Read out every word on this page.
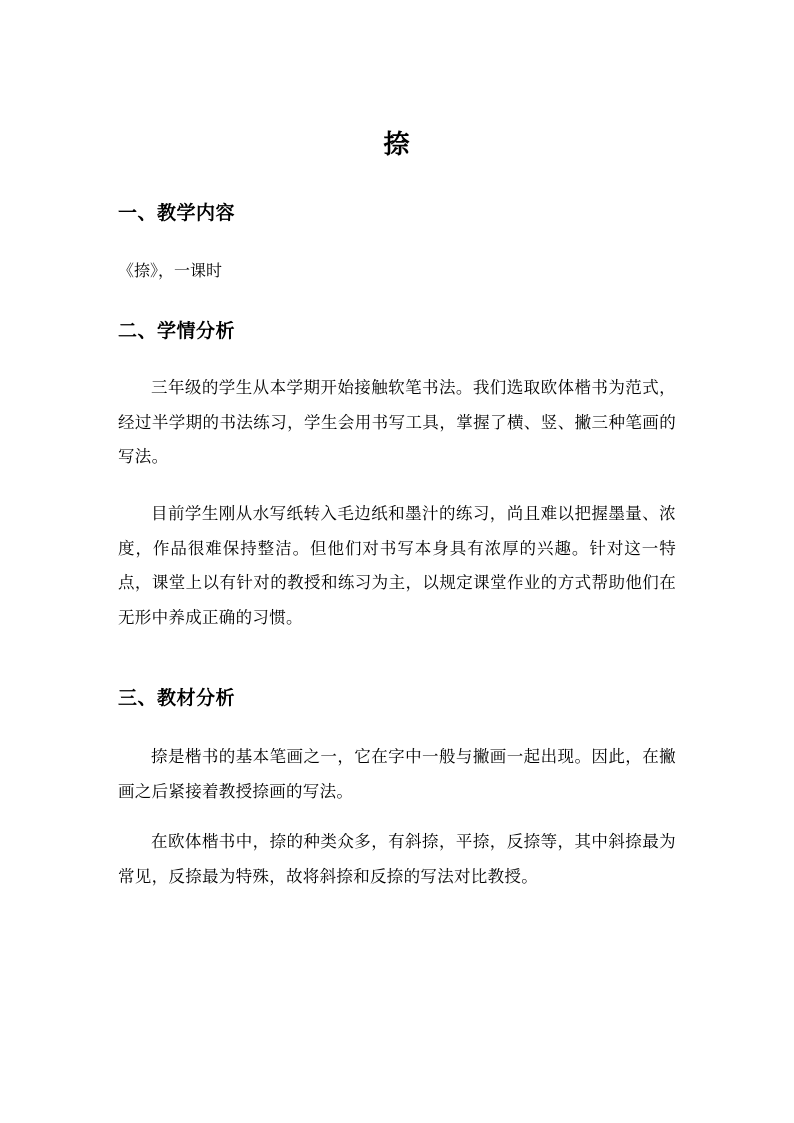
捺
一、教学内容
《捺》，一课时
二、学情分析
三年级的学生从本学期开始接触软笔书法。我们选取欧体楷书为范式，经过半学期的书法练习，学生会用书写工具，掌握了横、竖、撇三种笔画的写法。
目前学生刚从水写纸转入毛边纸和墨汁的练习，尚且难以把握墨量、浓度，作品很难保持整洁。但他们对书写本身具有浓厚的兴趣。针对这一特点，课堂上以有针对的教授和练习为主，以规定课堂作业的方式帮助他们在无形中养成正确的习惯。
三、教材分析
捺是楷书的基本笔画之一，它在字中一般与撇画一起出现。因此，在撇画之后紧接着教授捺画的写法。
在欧体楷书中，捺的种类众多，有斜捺，平捺，反捺等，其中斜捺最为常见，反捺最为特殊，故将斜捺和反捺的写法对比教授。
